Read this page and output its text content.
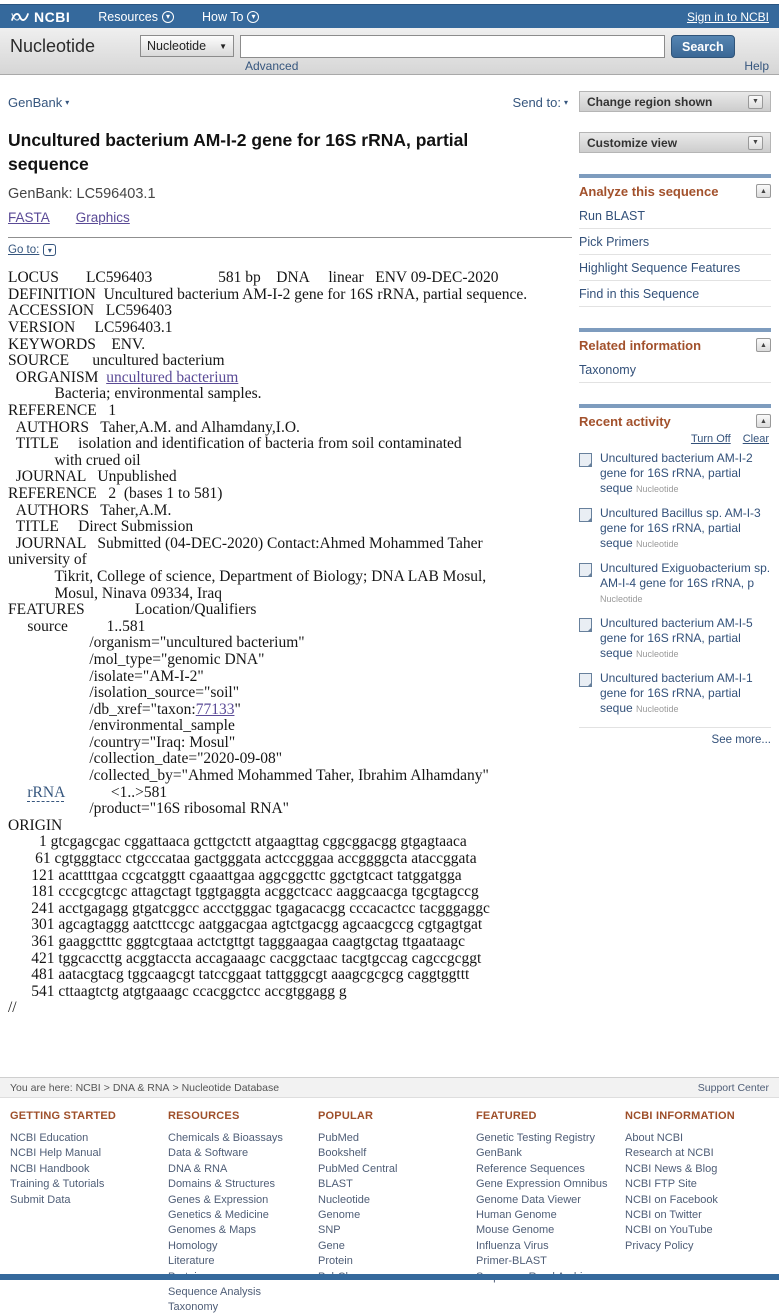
NCBI Resources ▾	How To ▾	Sign in to NCBI
Nucleotide	Nucleotide ▼	Search
Advanced	Help
GenBank ▾	Send to: ▾
Uncultured bacterium AM-I-2 gene for 16S rRNA, partial sequence
GenBank: LC596403.1
FASTA Graphics
Go to:	▾
LOCUS       LC596403                 581 bp    DNA     linear   ENV 09-DEC-2020
DEFINITION  Uncultured bacterium AM-I-2 gene for 16S rRNA, partial sequence.
ACCESSION   LC596403
VERSION     LC596403.1
KEYWORDS    ENV.
SOURCE      uncultured bacterium
ORGANISM  uncultured bacterium
Bacteria; environmental samples.
REFERENCE   1
AUTHORS   Taher,A.M. and Alhamdany,I.O.
TITLE     isolation and identification of bacteria from soil contaminated
with crued oil
JOURNAL   Unpublished
REFERENCE   2  (bases 1 to 581)
AUTHORS   Taher,A.M.
TITLE     Direct Submission
JOURNAL   Submitted (04-DEC-2020) Contact:Ahmed Mohammed Taher
university of
Tikrit, College of science, Department of Biology; DNA LAB Mosul,
Mosul, Ninava 09334, Iraq
FEATURES             Location/Qualifiers
source          1..581
/organism="uncultured bacterium"
/mol_type="genomic DNA"
/isolate="AM-I-2"
/isolation_source="soil"
/db_xref="taxon:77133"
/environmental_sample
/country="Iraq: Mosul"
/collection_date="2020-09-08"
/collected_by="Ahmed Mohammed Taher, Ibrahim Alhamdany"
rRNA            <1..>581
/product="16S ribosomal RNA"
ORIGIN
1 gtcgagcgac cggattaaca gcttgctctt atgaagttag cggcggacgg gtgagtaaca
61 cgtgggtacc ctgcccataa gactgggata actccgggaa accggggcta ataccggata
121 acattttgaa ccgcatggtt cgaaattgaa aggcggcttc ggctgtcact tatggatgga
181 cccgcgtcgc attagctagt tggtgaggta acggctcacc aaggcaacga tgcgtagccg
241 acctgagagg gtgatcggcc accctgggac tgagacacgg cccacactcc tacgggaggc
301 agcagtaggg aatcttccgc aatggacgaa agtctgacgg agcaacgccg cgtgagtgat
361 gaaggctttc gggtcgtaaa actctgttgt tagggaagaa caagtgctag ttgaataagc
421 tggcaccttg acggtaccta accagaaagc cacggctaac tacgtgccag cagccgcggt
481 aatacgtacg tggcaagcgt tatccggaat tattgggcgt aaagcgcgcg caggtggttt
541 cttaagtctg atgtgaaagc ccacggctcc accgtggagg g
//
Change region shown	▼
Customize view	▼
Analyze this sequence	▲
Run BLAST
Pick Primers
Highlight Sequence Features
Find in this Sequence
Related information	▲
Taxonomy
Recent activity	▲
Turn Off Clear
Uncultured bacterium AM-I-2 gene for 16S rRNA, partial seque Nucleotide
Uncultured Bacillus sp. AM-I-3 gene for 16S rRNA, partial seque Nucleotide
Uncultured Exiguobacterium sp. AM-I-4 gene for 16S rRNA, p Nucleotide
Uncultured bacterium AM-I-5 gene for 16S rRNA, partial seque Nucleotide
Uncultured bacterium AM-I-1 gene for 16S rRNA, partial seque Nucleotide
See more...
You are here:
NCBI > DNA & RNA > Nucleotide Database	Support Center
GETTING STARTED
NCBI Education
NCBI Help Manual
NCBI Handbook
Training & Tutorials
Submit Data
RESOURCES
Chemicals & Bioassays
Data & Software
DNA & RNA
Domains & Structures
Genes & Expression
Genetics & Medicine
Genomes & Maps
Homology
Literature
Sequence Analysis
Taxonomy
POPULAR
PubMed
Bookshelf
PubMed Central
BLAST
Nucleotide
Genome
SNP
Gene
Protein
FEATURED
Genetic Testing Registry
GenBank
Reference Sequences
Gene Expression Omnibus
Genome Data Viewer
Human Genome
Mouse Genome
Influenza Virus
Primer-BLAST
NCBI INFORMATION
About NCBI
Research at NCBI
NCBI News & Blog
NCBI FTP Site
NCBI on Facebook
NCBI on Twitter
NCBI on YouTube
Privacy Policy
